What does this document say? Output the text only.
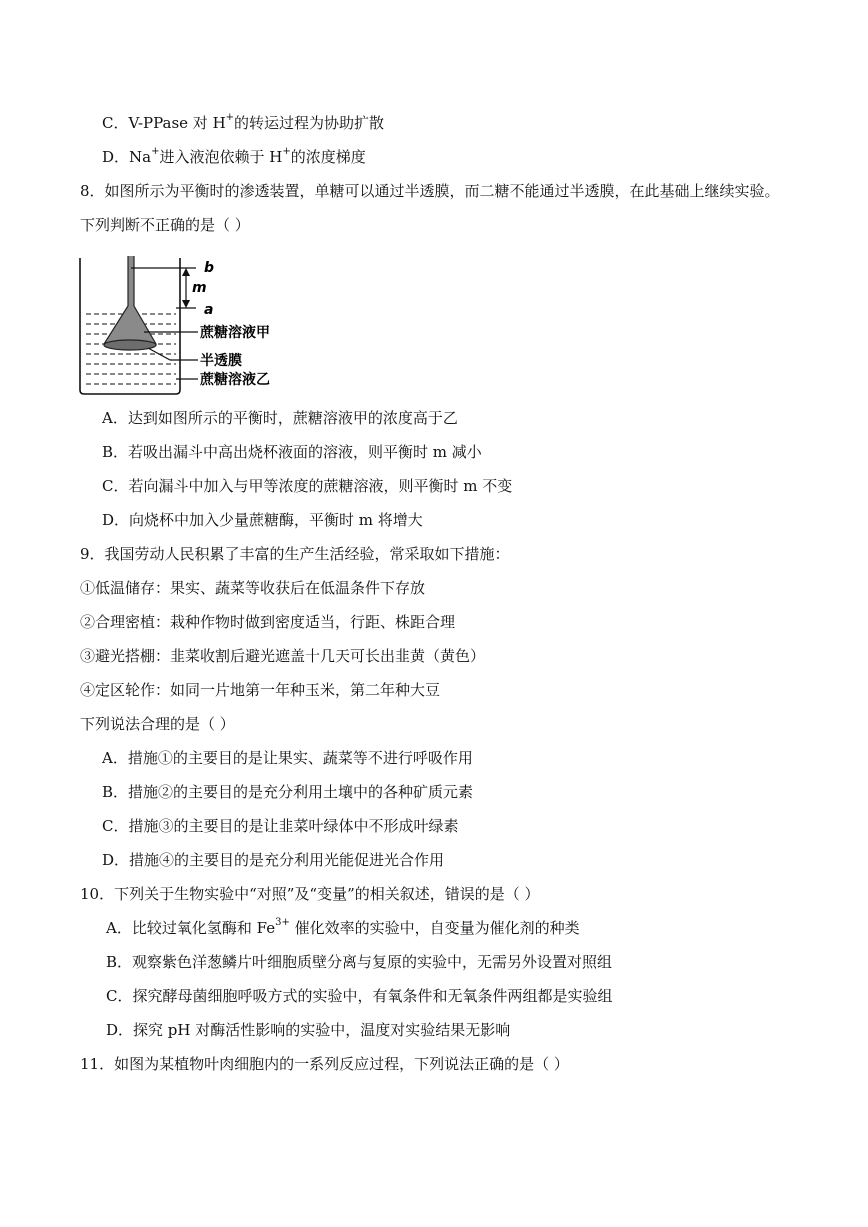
C．V-PPase 对 H+的转运过程为协助扩散
D．Na+进入液泡依赖于 H+的浓度梯度
8．如图所示为平衡时的渗透装置，单糖可以通过半透膜，而二糖不能通过半透膜，在此基础上继续实验。
下列判断不正确的是（ ）
b
m
a
蔗糖溶液甲
半透膜
蔗糖溶液乙
A．达到如图所示的平衡时，蔗糖溶液甲的浓度高于乙
B．若吸出漏斗中高出烧杯液面的溶液，则平衡时 m 减小
C．若向漏斗中加入与甲等浓度的蔗糖溶液，则平衡时 m 不变
D．向烧杯中加入少量蔗糖酶，平衡时 m 将增大
9．我国劳动人民积累了丰富的生产生活经验，常采取如下措施：
①低温储存：果实、蔬菜等收获后在低温条件下存放
②合理密植：栽种作物时做到密度适当，行距、株距合理
③避光搭棚：韭菜收割后避光遮盖十几天可长出韭黄（黄色）
④定区轮作：如同一片地第一年种玉米，第二年种大豆
下列说法合理的是（ ）
A．措施①的主要目的是让果实、蔬菜等不进行呼吸作用
B．措施②的主要目的是充分利用土壤中的各种矿质元素
C．措施③的主要目的是让韭菜叶绿体中不形成叶绿素
D．措施④的主要目的是充分利用光能促进光合作用
10．下列关于生物实验中“对照”及“变量”的相关叙述，错误的是（ ）
A．比较过氧化氢酶和 $Fe^{3+}$ 催化效率的实验中，自变量为催化剂的种类
B．观察紫色洋葱鳞片叶细胞质壁分离与复原的实验中，无需另外设置对照组
C．探究酵母菌细胞呼吸方式的实验中，有氧条件和无氧条件两组都是实验组
D．探究 pH 对酶活性影响的实验中，温度对实验结果无影响
11．如图为某植物叶肉细胞内的一系列反应过程，下列说法正确的是（ ）
